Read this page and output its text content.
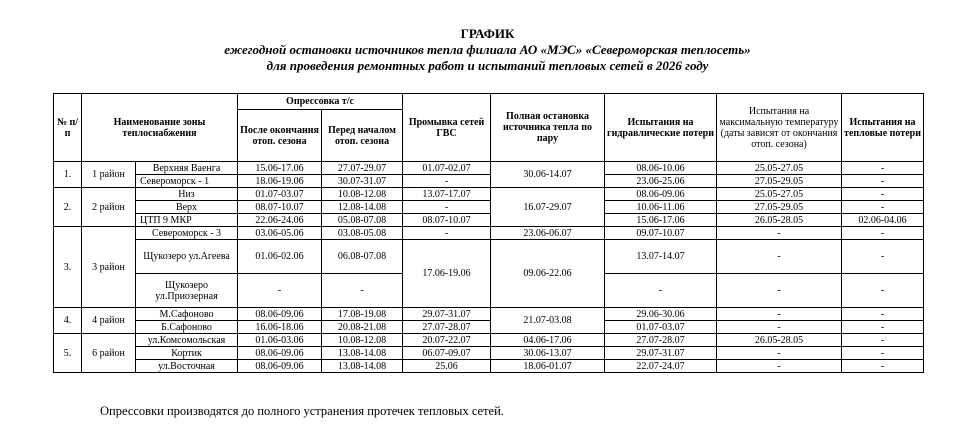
ГРАФИК
ежегодной остановки источников тепла филиала АО «МЭС» «Североморская теплосеть»
для проведения ремонтных работ и испытаний тепловых сетей в 2026 году
№ п/п	Наименование зоны теплоснабжения		Опрессовка т/с		Промывка сетей ГВС	Полная остановка источника тепла по пару	Испытания на гидравлические потери	Испытания на максимальную температуру (даты зависят от окончания отоп. сезона)	Испытания на тепловые потери
			После окончания отоп. сезона	Перед началом отоп. сезона					
1.	1 район	Верхняя Ваенга	15.06-17.06	27.07-29.07	01.07-02.07	30.06-14.07	08.06-10.06	25.05-27.05	-
		Североморск - 1	18.06-19.06	30.07-31.07	-		23.06-25.06	27.05-29.05	-
2.	2 район	Низ	01.07-03.07	10.08-12.08	13.07-17.07	16.07-29.07	08.06-09.06	25.05-27.05	-
		Верх	08.07-10.07	12.08-14.08	-		10.06-11.06	27.05-29.05	-
		ЦТП 9 МКР	22.06-24.06	05.08-07.08	08.07-10.07		15.06-17.06	26.05-28.05	02.06-04.06
3.	3 район	Североморск - 3	03.06-05.06	03.08-05.08	-	23.06-06.07	09.07-10.07	-	-
		Щукозеро ул.Агеева	01.06-02.06	06.08-07.08	17.06-19.06	09.06-22.06	13.07-14.07	-	-
		Щукозеро ул.Приозерная	-	-			-	-	-
4.	4 район	М.Сафоново	08.06-09.06	17.08-19.08	29.07-31.07	21.07-03.08	29.06-30.06	-	-
		Б.Сафоново	16.06-18.06	20.08-21.08	27.07-28.07		01.07-03.07	-	-
5.	6 район	ул.Комсомольская	01.06-03.06	10.08-12.08	20.07-22.07	04.06-17.06	27.07-28.07	26.05-28.05	-
		Кортик	08.06-09.06	13.08-14.08	06.07-09.07	30.06-13.07	29.07-31.07	-	-
		ул.Восточная	08.06-09.06	13.08-14.08	25.06	18.06-01.07	22.07-24.07	-	-
Опрессовки производятся до полного устранения протечек тепловых сетей.
